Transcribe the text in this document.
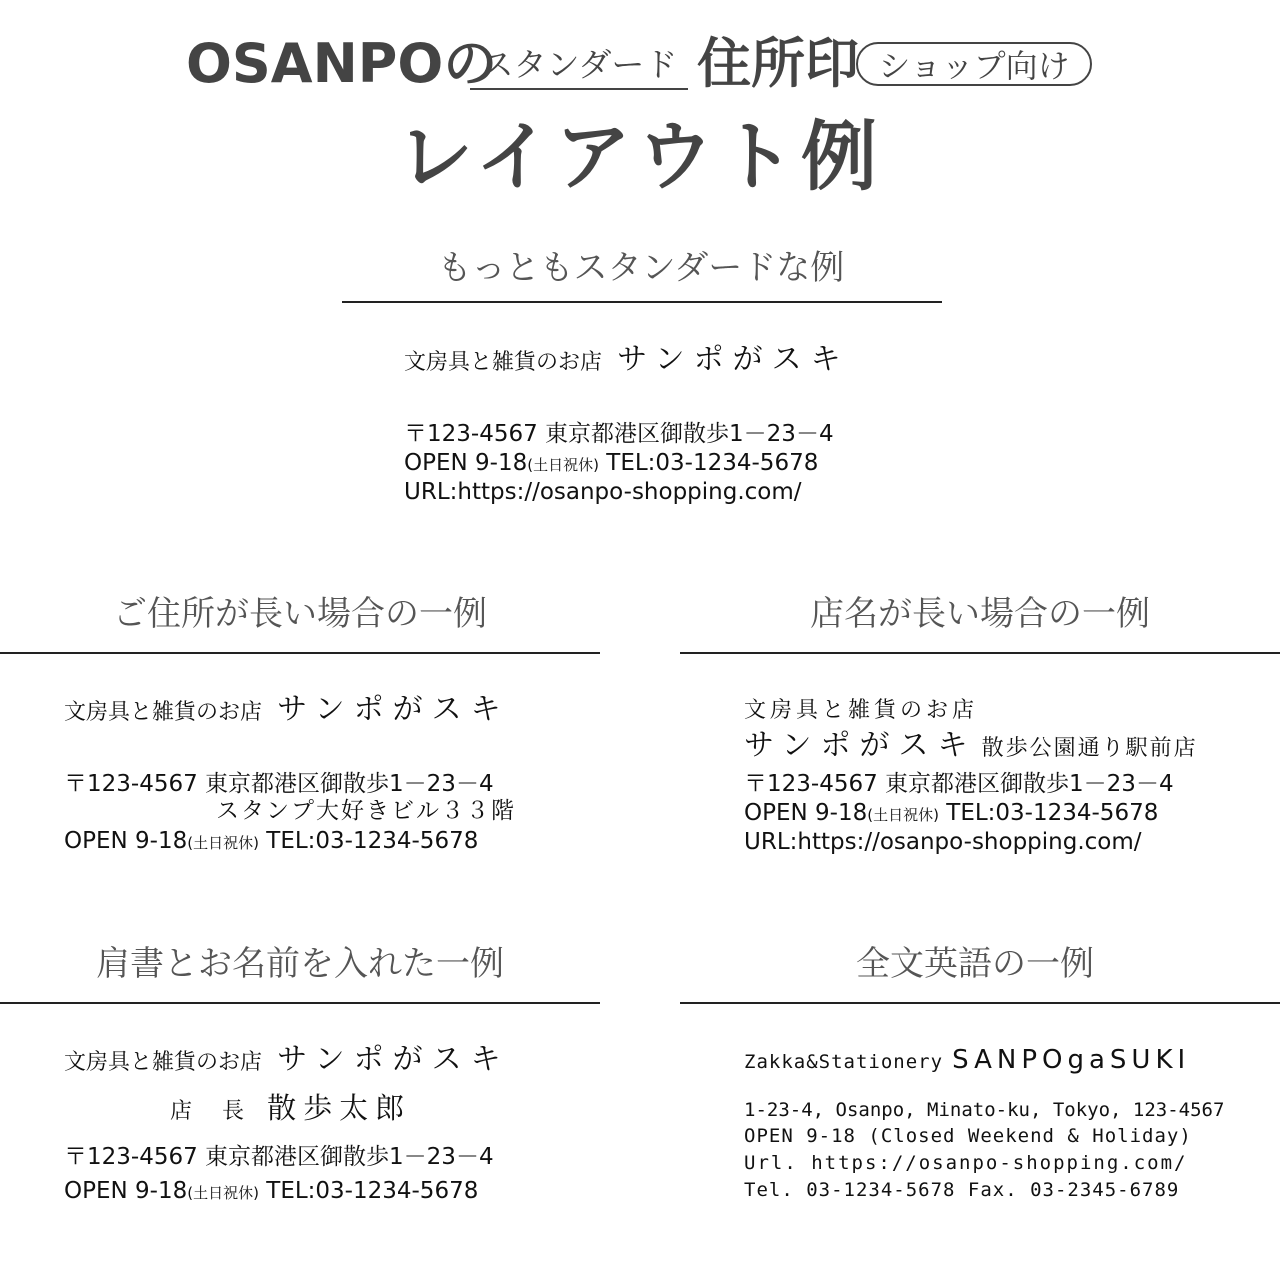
OSANPOの
スタンダード 住所印 ショップ向け
レイアウト例
もっともスタンダードな例
文房具と雑貨のお店 サンポがスキ
〒123-4567 東京都港区御散歩1－23－4
OPEN 9-18(土日祝休) TEL:03-1234-5678
URL:https://osanpo-shopping.com/
ご住所が長い場合の一例
文房具と雑貨のお店 サンポがスキ
〒123-4567 東京都港区御散歩1－23－4
スタンプ大好きビル３３階
OPEN 9-18(土日祝休) TEL:03-1234-5678
店名が長い場合の一例
文房具と雑貨のお店
サンポがスキ 散歩公園通り駅前店
〒123-4567 東京都港区御散歩1－23－4
OPEN 9-18(土日祝休) TEL:03-1234-5678
URL:https://osanpo-shopping.com/
肩書とお名前を入れた一例
文房具と雑貨のお店 サンポがスキ
店　長 散歩太郎
〒123-4567 東京都港区御散歩1－23－4
OPEN 9-18(土日祝休) TEL:03-1234-5678
全文英語の一例
Zakka&Stationery SANPOgaSUKI
1-23-4, Osanpo, Minato-ku, Tokyo, 123-4567
OPEN 9-18 (Closed Weekend & Holiday)
Url. https://osanpo-shopping.com/
Tel. 03-1234-5678 Fax. 03-2345-6789
